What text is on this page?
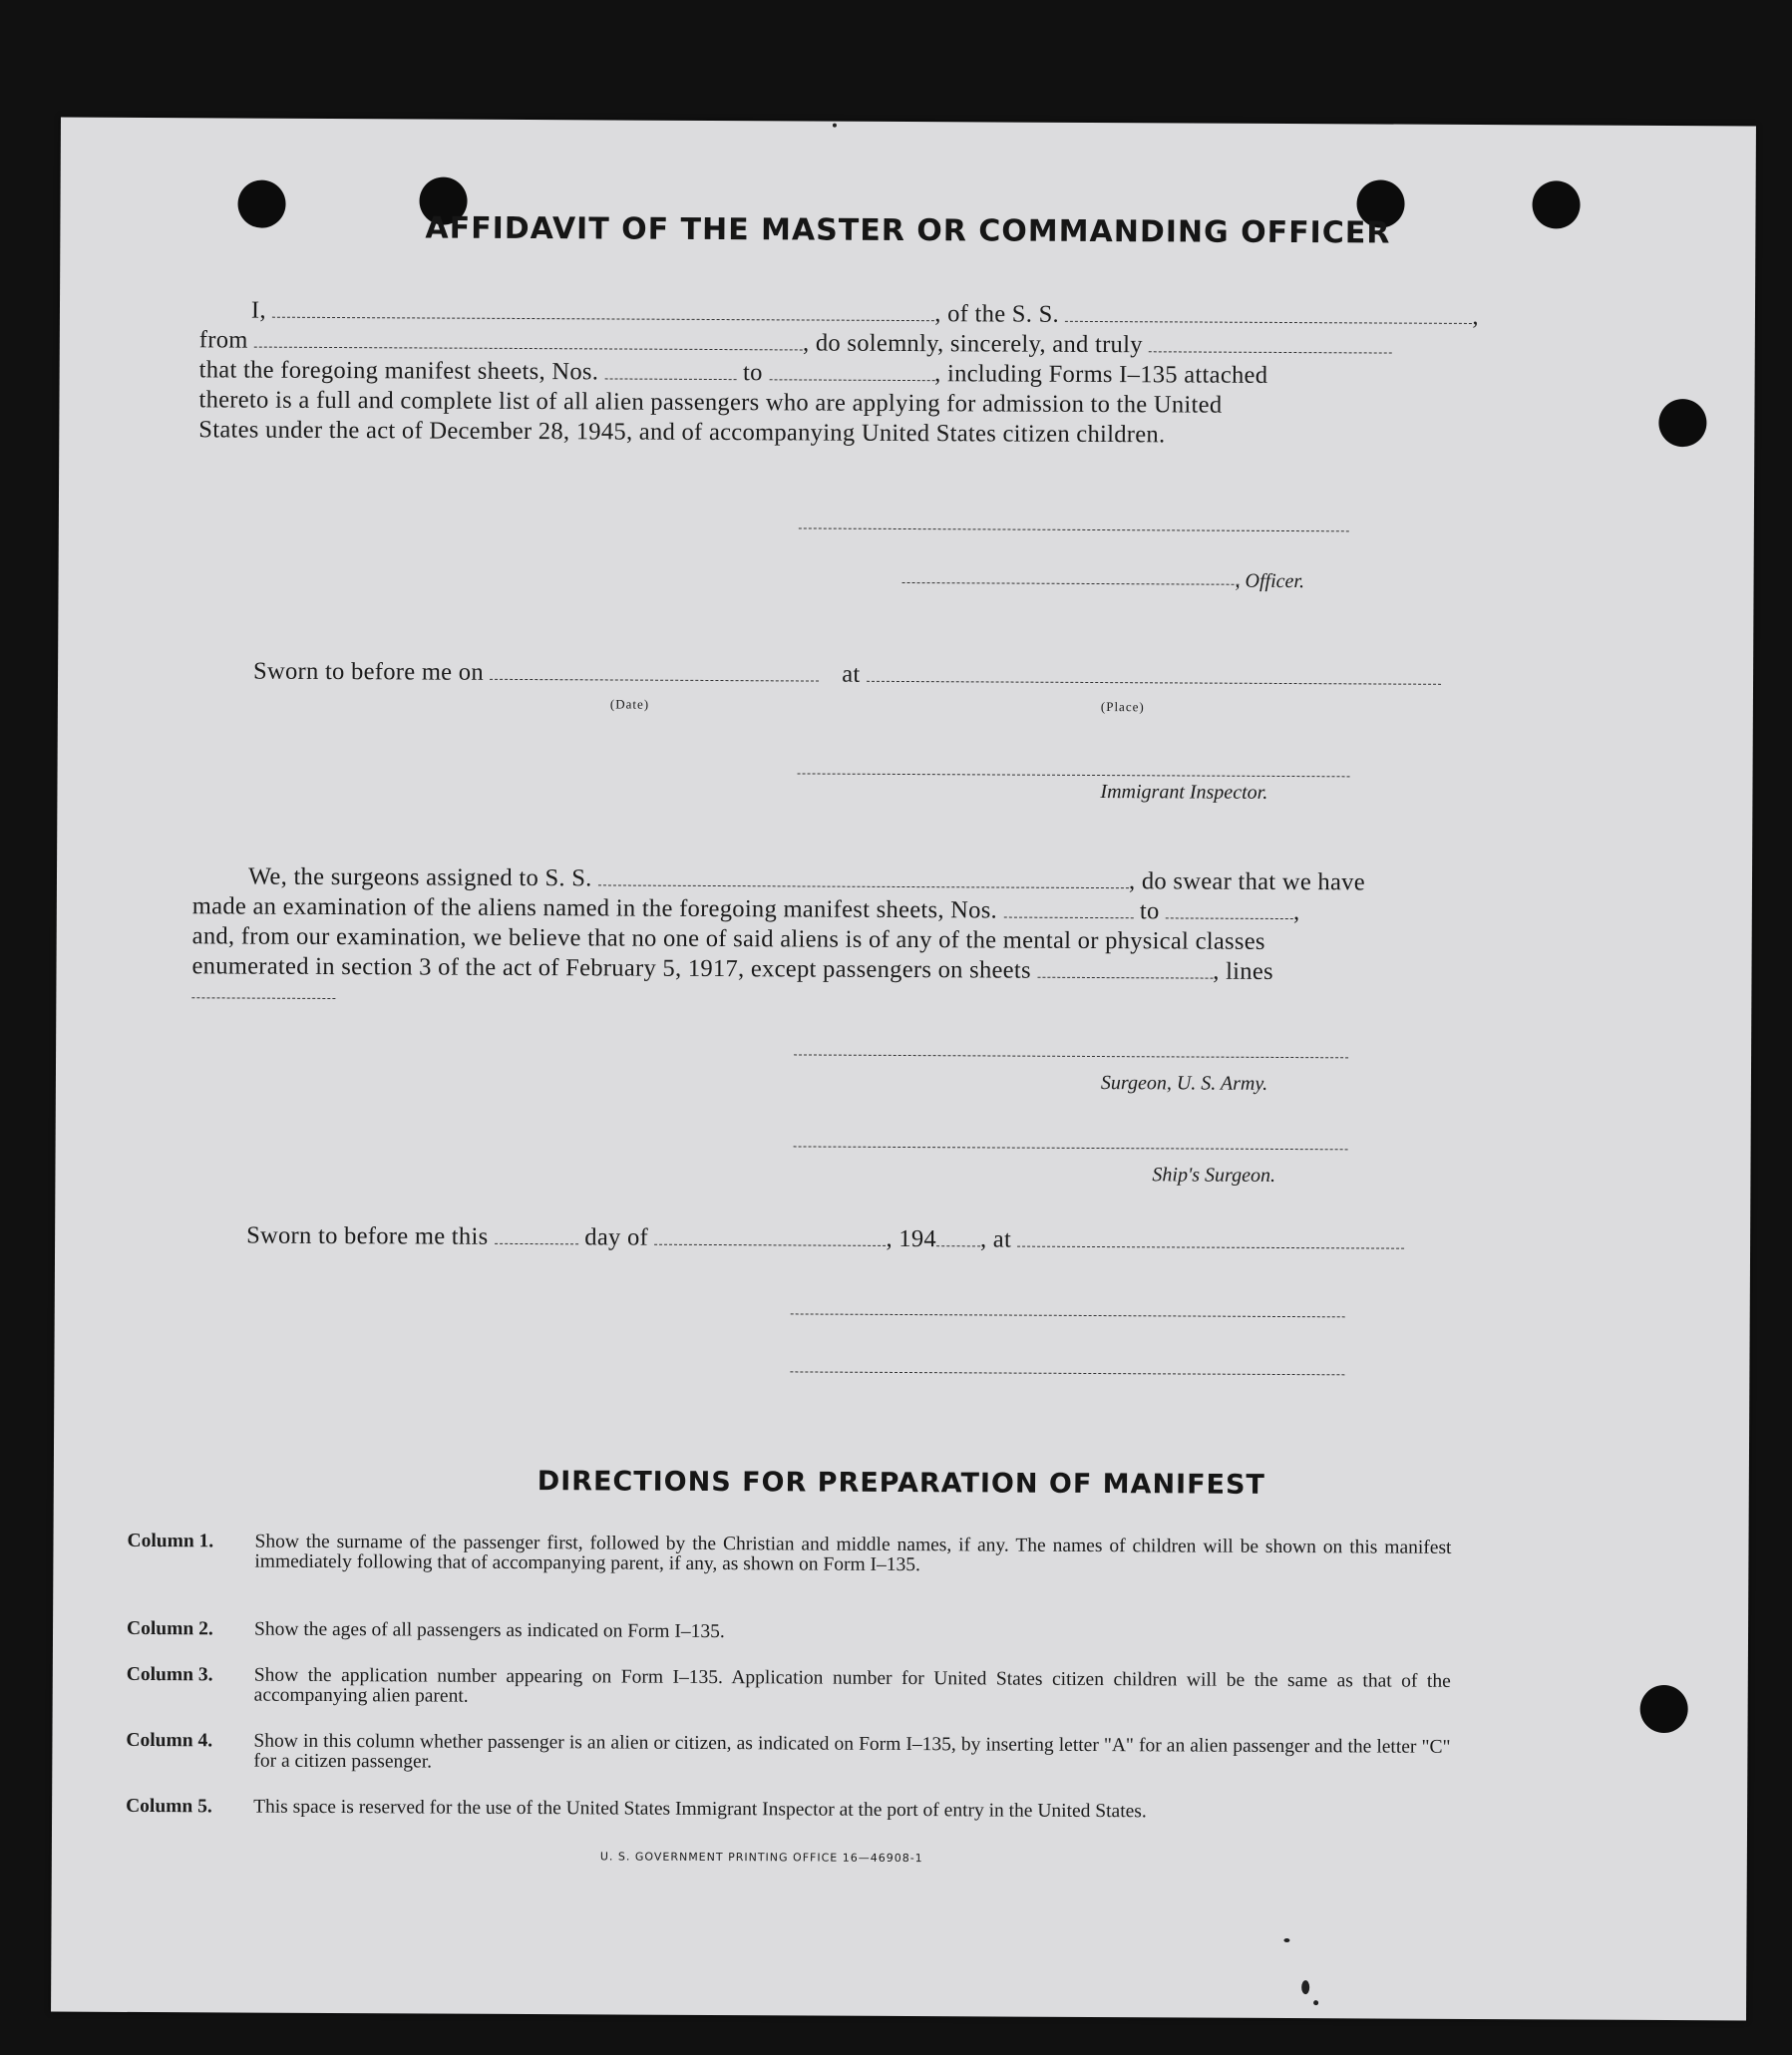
AFFIDAVIT OF THE MASTER OR COMMANDING OFFICER
I,	, of the S. S.	,
from	, do solemnly, sincerely, and truly
that the foregoing manifest sheets, Nos.	to	, including Forms I–135 attached
thereto is a full and complete list of all alien passengers who are applying for admission to the United
States under the act of December 28, 1945, and of accompanying United States citizen children.
, Officer.
Sworn to before me on	at
(Date)	(Place)
Immigrant Inspector.
We, the surgeons assigned to S. S.	, do swear that we have
made an examination of the aliens named in the foregoing manifest sheets, Nos.	to	,
and, from our examination, we believe that no one of said aliens is of any of the mental or physical classes
enumerated in section 3 of the act of February 5, 1917, except passengers on sheets	, lines
Surgeon, U. S. Army.
Ship's Surgeon.
Sworn to before me this	day of	, 194 , at
DIRECTIONS FOR PREPARATION OF MANIFEST
Column 1. Show the surname of the passenger first, followed by the Christian and middle names, if any. The names of children will be shown on this manifest immediately following that of accompanying parent, if any, as shown on Form I–135.
Column 2. Show the ages of all passengers as indicated on Form I–135.
Column 3. Show the application number appearing on Form I–135. Application number for United States citizen children will be the same as that of the accompanying alien parent.
Column 4. Show in this column whether passenger is an alien or citizen, as indicated on Form I–135, by inserting letter "A" for an alien passenger and the letter "C" for a citizen passenger.
Column 5. This space is reserved for the use of the United States Immigrant Inspector at the port of entry in the United States.
U. S. GOVERNMENT PRINTING OFFICE 16—46908-1
